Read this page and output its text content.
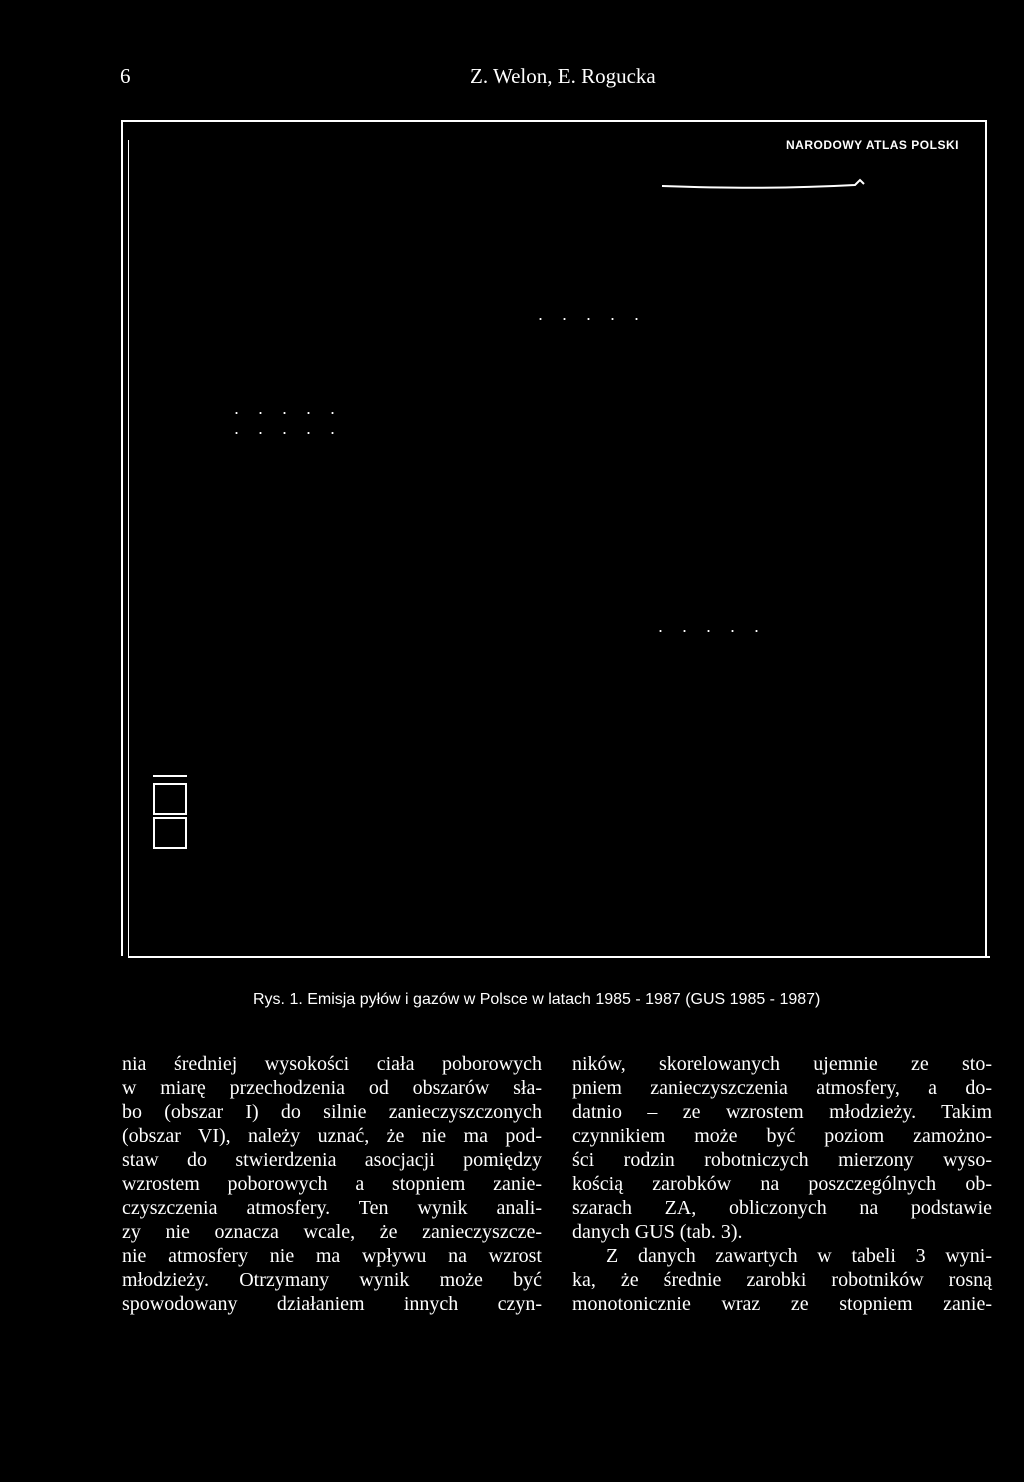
6	Z. Welon, E. Rogucka
NARODOWY ATLAS POLSKI
. . . . .
. . . . .
. . . . .
. . . . .
Rys. 1. Emisja pyłów i gazów w Polsce w latach 1985 - 1987 (GUS 1985 - 1987)
nia średniej wysokości ciała poborowych
w miarę przechodzenia od obszarów sła-
bo (obszar I) do silnie zanieczyszczonych
(obszar VI), należy uznać, że nie ma pod-
staw do stwierdzenia asocjacji pomiędzy
wzrostem poborowych a stopniem zanie-
czyszczenia atmosfery. Ten wynik anali-
zy nie oznacza wcale, że zanieczyszcze-
nie atmosfery nie ma wpływu na wzrost
młodzieży. Otrzymany wynik może być
spowodowany działaniem innych czyn-
ników, skorelowanych ujemnie ze sto-
pniem zanieczyszczenia atmosfery, a do-
datnio – ze wzrostem młodzieży. Takim
czynnikiem może być poziom zamożno-
ści rodzin robotniczych mierzony wyso-
kością zarobków na poszczególnych ob-
szarach ZA, obliczonych na podstawie
danych GUS (tab. 3).
Z danych zawartych w tabeli 3 wyni-
ka, że średnie zarobki robotników rosną
monotonicznie wraz ze stopniem zanie-
